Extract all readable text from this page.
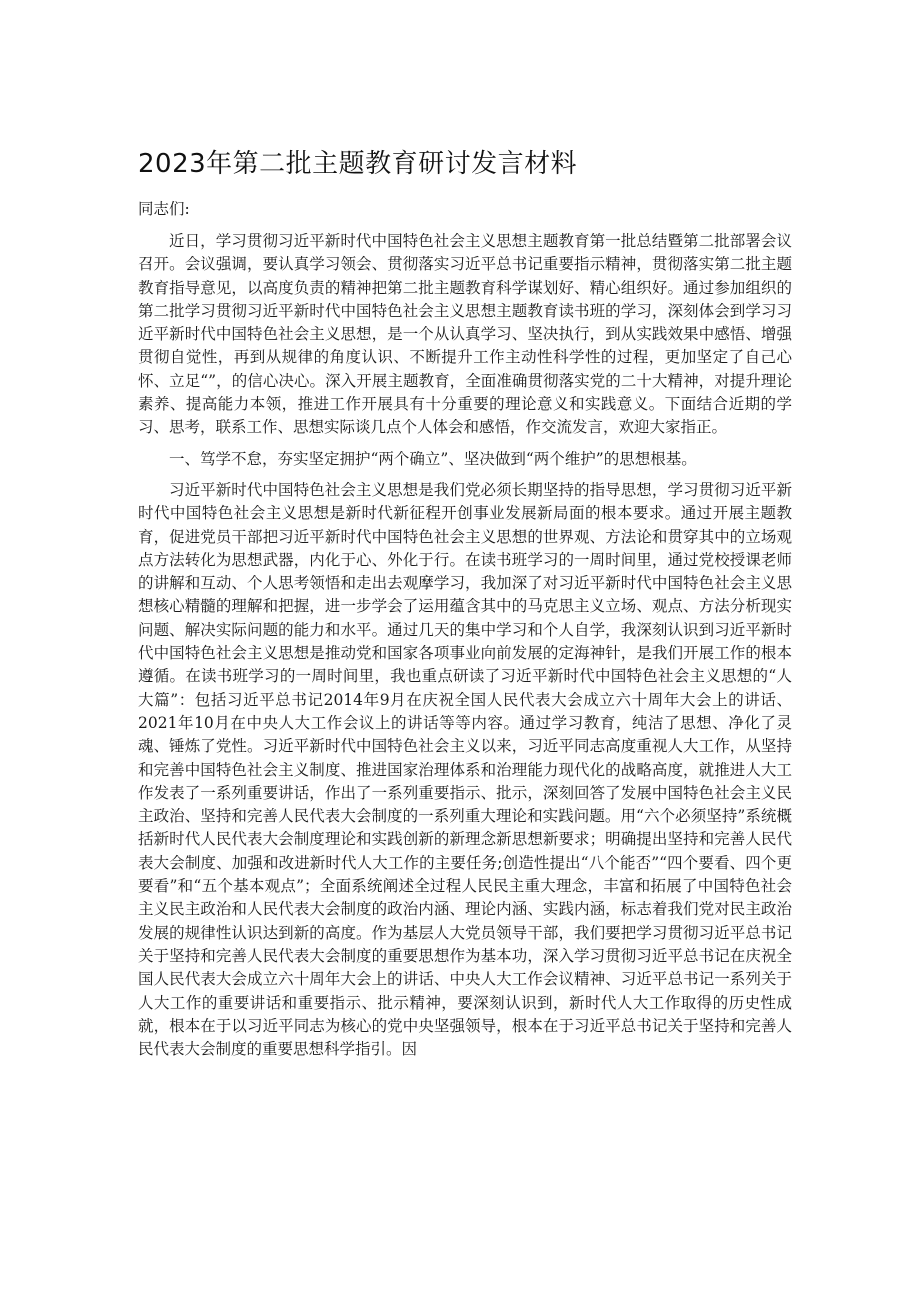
2023年第二批主题教育研讨发言材料

同志们:

近日，学习贯彻习近平新时代中国特色社会主义思想主题教育第一批总结暨第二批部署会议召开。会议强调，要认真学习领会、贯彻落实习近平总书记重要指示精神，贯彻落实第二批主题教育指导意见，以高度负责的精神把第二批主题教育科学谋划好、精心组织好。通过参加组织的第二批学习贯彻习近平新时代中国特色社会主义思想主题教育读书班的学习，深刻体会到学习习近平新时代中国特色社会主义思想，是一个从认真学习、坚决执行，到从实践效果中感悟、增强贯彻自觉性，再到从规律的角度认识、不断提升工作主动性科学性的过程，更加坚定了自己心怀、立足“”，的信心决心。深入开展主题教育，全面准确贯彻落实党的二十大精神，对提升理论素养、提高能力本领，推进工作开展具有十分重要的理论意义和实践意义。下面结合近期的学习、思考，联系工作、思想实际谈几点个人体会和感悟，作交流发言，欢迎大家指正。

一、笃学不怠，夯实坚定拥护“两个确立”、坚决做到“两个维护”的思想根基。

习近平新时代中国特色社会主义思想是我们党必须长期坚持的指导思想，学习贯彻习近平新时代中国特色社会主义思想是新时代新征程开创事业发展新局面的根本要求。通过开展主题教育，促进党员干部把习近平新时代中国特色社会主义思想的世界观、方法论和贯穿其中的立场观点方法转化为思想武器，内化于心、外化于行。在读书班学习的一周时间里，通过党校授课老师的讲解和互动、个人思考领悟和走出去观摩学习，我加深了对习近平新时代中国特色社会主义思想核心精髓的理解和把握，进一步学会了运用蕴含其中的马克思主义立场、观点、方法分析现实问题、解决实际问题的能力和水平。通过几天的集中学习和个人自学，我深刻认识到习近平新时代中国特色社会主义思想是推动党和国家各项事业向前发展的定海神针，是我们开展工作的根本遵循。在读书班学习的一周时间里，我也重点研读了习近平新时代中国特色社会主义思想的“人大篇”：包括习近平总书记2014年9月在庆祝全国人民代表大会成立六十周年大会上的讲话、2021年10月在中央人大工作会议上的讲话等等内容。通过学习教育，纯洁了思想、净化了灵魂、锤炼了党性。习近平新时代中国特色社会主义以来，习近平同志高度重视人大工作，从坚持和完善中国特色社会主义制度、推进国家治理体系和治理能力现代化的战略高度，就推进人大工作发表了一系列重要讲话，作出了一系列重要指示、批示，深刻回答了发展中国特色社会主义民主政治、坚持和完善人民代表大会制度的一系列重大理论和实践问题。用“六个必须坚持”系统概括新时代人民代表大会制度理论和实践创新的新理念新思想新要求；明确提出坚持和完善人民代表大会制度、加强和改进新时代人大工作的主要任务;创造性提出“八个能否”“四个要看、四个更要看”和“五个基本观点”；全面系统阐述全过程人民民主重大理念，丰富和拓展了中国特色社会主义民主政治和人民代表大会制度的政治内涵、理论内涵、实践内涵，标志着我们党对民主政治发展的规律性认识达到新的高度。作为基层人大党员领导干部，我们要把学习贯彻习近平总书记关于坚持和完善人民代表大会制度的重要思想作为基本功，深入学习贯彻习近平总书记在庆祝全国人民代表大会成立六十周年大会上的讲话、中央人大工作会议精神、习近平总书记一系列关于人大工作的重要讲话和重要指示、批示精神，要深刻认识到，新时代人大工作取得的历史性成就，根本在于以习近平同志为核心的党中央坚强领导，根本在于习近平总书记关于坚持和完善人民代表大会制度的重要思想科学指引。因
